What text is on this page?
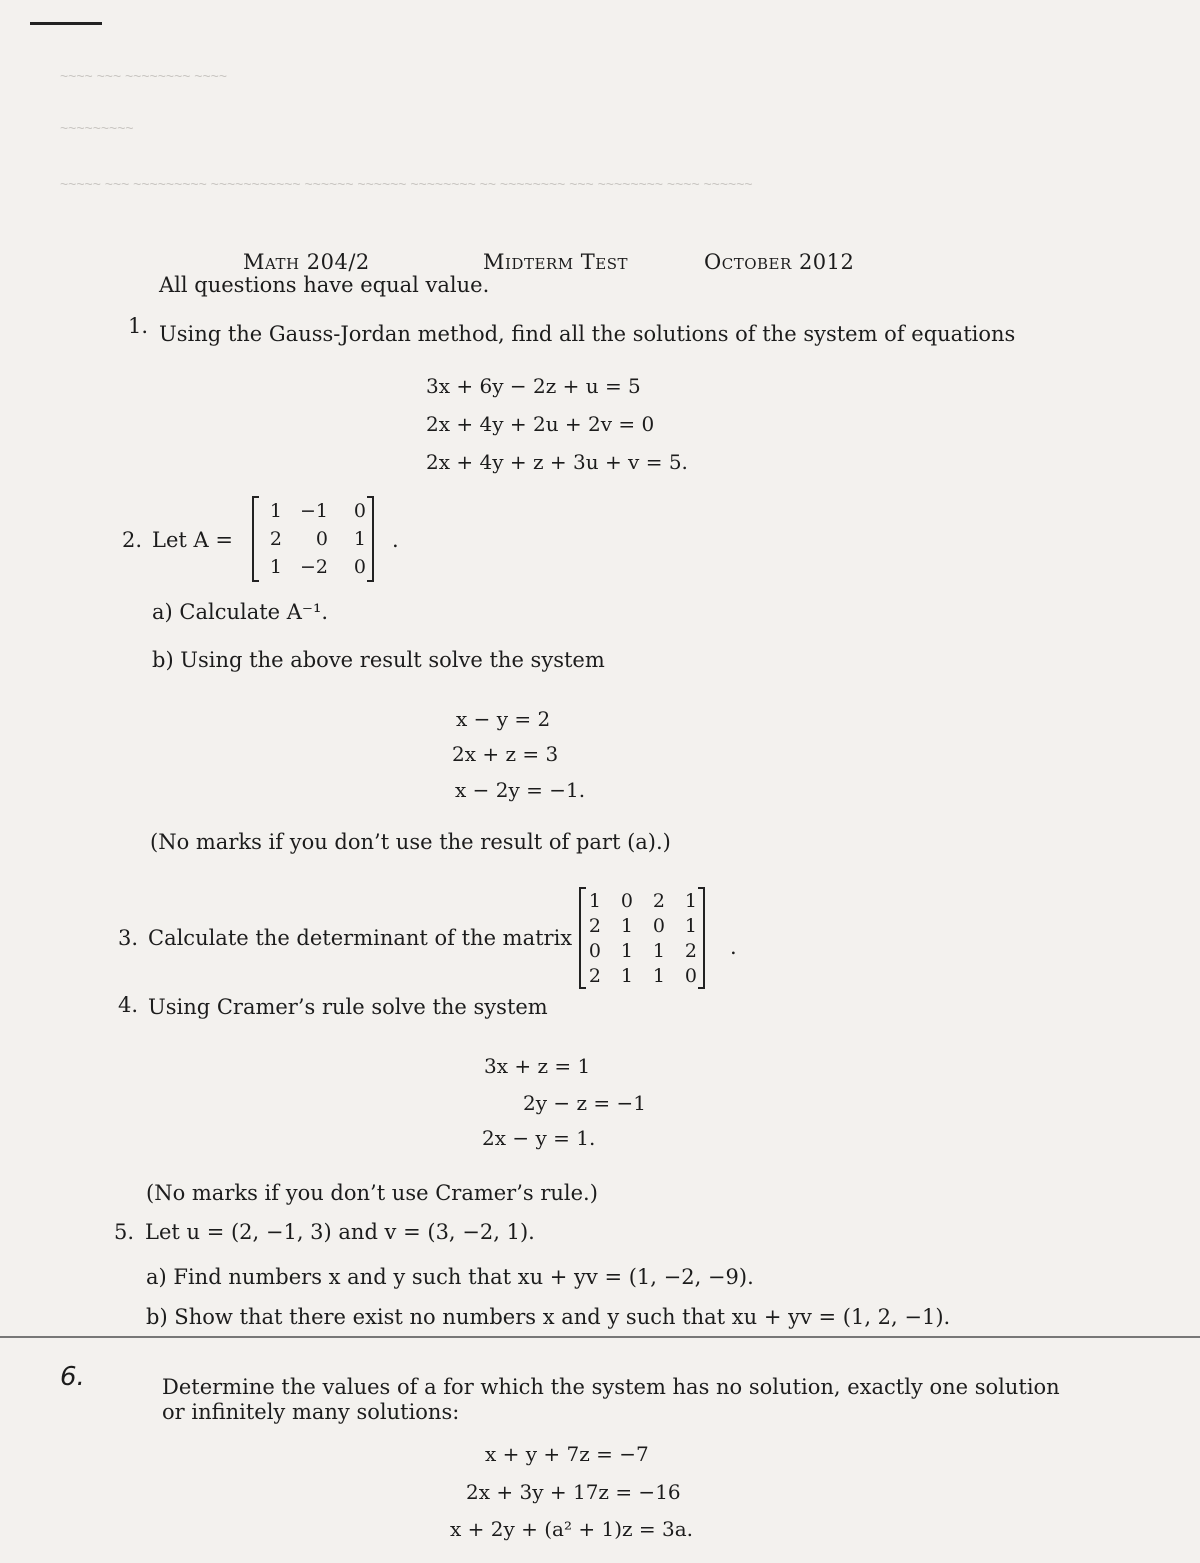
~~~~ ~~~ ~~~~~~~~ ~~~~
~~~~~~~~~
~~~~~ ~~~ ~~~~~~~~~ ~~~~~~~~~~~ ~~~~~~ ~~~~~~ ~~~~~~~~ ~~ ~~~~~~~~ ~~~ ~~~~~~~~ ~~~~ ~~~~~~
Math 204/2	Midterm Test	October 2012
All questions have equal value.
1. Using the Gauss-Jordan method, find all the solutions of the system of equations
3x + 6y − 2z + u = 5
2x + 4y + 2u + 2v = 0
2x + 4y + z + 3u + v = 5.
2. Let A =
1 −1	0
2	0	1
1 −2	0
.
a) Calculate A⁻¹.
b) Using the above result solve the system
x − y = 2
2x + z = 3
x − 2y = −1.
(No marks if you don’t use the result of part (a).)
3. Calculate the determinant of the matrix
1	0	2	1
2	1	0	1
0	1	1	2
2	1	1	0
.
4. Using Cramer’s rule solve the system
3x + z = 1
2y − z = −1
2x − y = 1.
(No marks if you don’t use Cramer’s rule.)
5. Let u = (2, −1, 3) and v = (3, −2, 1).
a) Find numbers x and y such that xu + yv = (1, −2, −9).
b) Show that there exist no numbers x and y such that xu + yv = (1, 2, −1).
6.	Determine the values of a for which the system has no solution, exactly one solution
or infinitely many solutions:
x + y + 7z = −7
2x + 3y + 17z = −16
x + 2y + (a² + 1)z = 3a.
